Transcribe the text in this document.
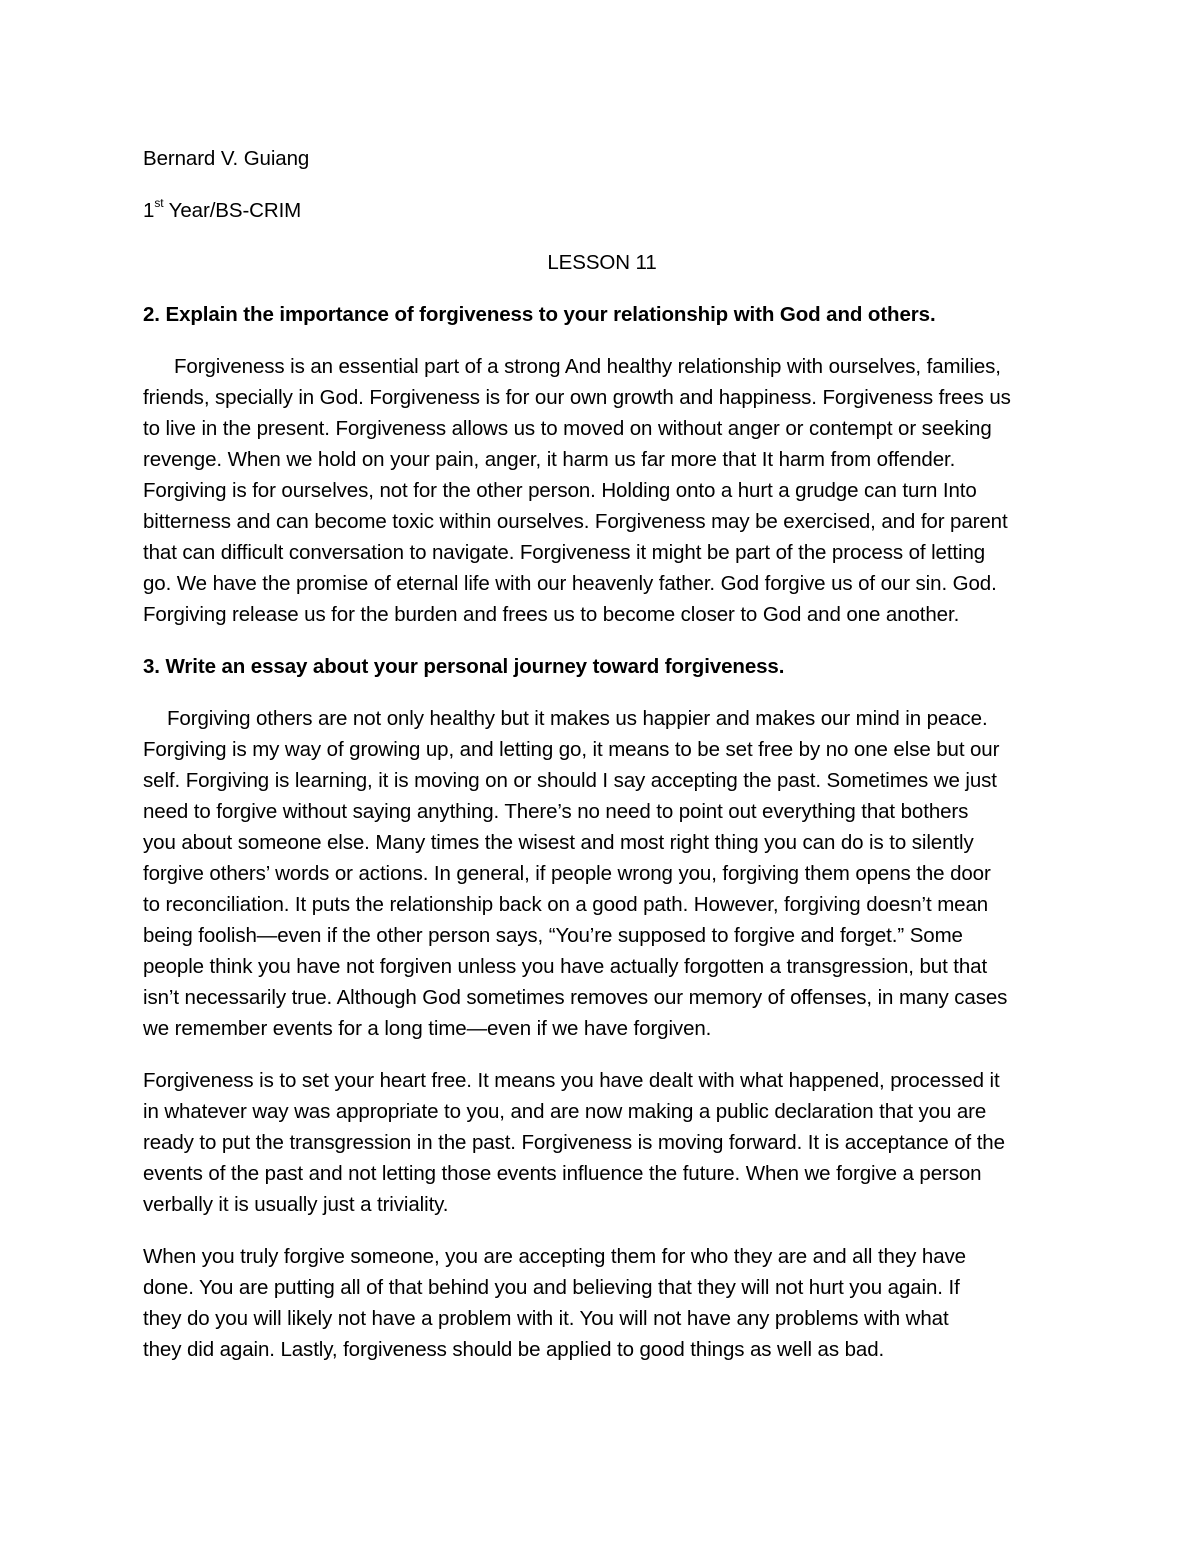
Bernard V. Guiang

1st Year/BS-CRIM

LESSON 11

2. Explain the importance of forgiveness to your relationship with God and others.

Forgiveness is an essential part of a strong And healthy relationship with ourselves, families,

friends, specially in God. Forgiveness is for our own growth and happiness. Forgiveness frees us

to live in the present. Forgiveness allows us to moved on without anger or contempt or seeking

revenge. When we hold on your pain, anger, it harm us far more that It harm from offender.

Forgiving is for ourselves, not for the other person. Holding onto a hurt a grudge can turn Into

bitterness and can become toxic within ourselves. Forgiveness may be exercised, and for parent

that can difficult conversation to navigate. Forgiveness it might be part of the process of letting

go. We have the promise of eternal life with our heavenly father. God forgive us of our sin. God.

Forgiving release us for the burden and frees us to become closer to God and one another.

3. Write an essay about your personal journey toward forgiveness.

Forgiving others are not only healthy but it makes us happier and makes our mind in peace.

Forgiving is my way of growing up, and letting go, it means to be set free by no one else but our

self. Forgiving is learning, it is moving on or should I say accepting the past. Sometimes we just

need to forgive without saying anything. There’s no need to point out everything that bothers

you about someone else. Many times the wisest and most right thing you can do is to silently

forgive others’ words or actions. In general, if people wrong you, forgiving them opens the door

to reconciliation. It puts the relationship back on a good path. However, forgiving doesn’t mean

being foolish—even if the other person says, “You’re supposed to forgive and forget.” Some

people think you have not forgiven unless you have actually forgotten a transgression, but that

isn’t necessarily true. Although God sometimes removes our memory of offenses, in many cases

we remember events for a long time—even if we have forgiven.

Forgiveness is to set your heart free. It means you have dealt with what happened, processed it

in whatever way was appropriate to you, and are now making a public declaration that you are

ready to put the transgression in the past. Forgiveness is moving forward. It is acceptance of the

events of the past and not letting those events influence the future. When we forgive a person

verbally it is usually just a triviality.

When you truly forgive someone, you are accepting them for who they are and all they have

done. You are putting all of that behind you and believing that they will not hurt you again. If

they do you will likely not have a problem with it. You will not have any problems with what

they did again. Lastly, forgiveness should be applied to good things as well as bad.
